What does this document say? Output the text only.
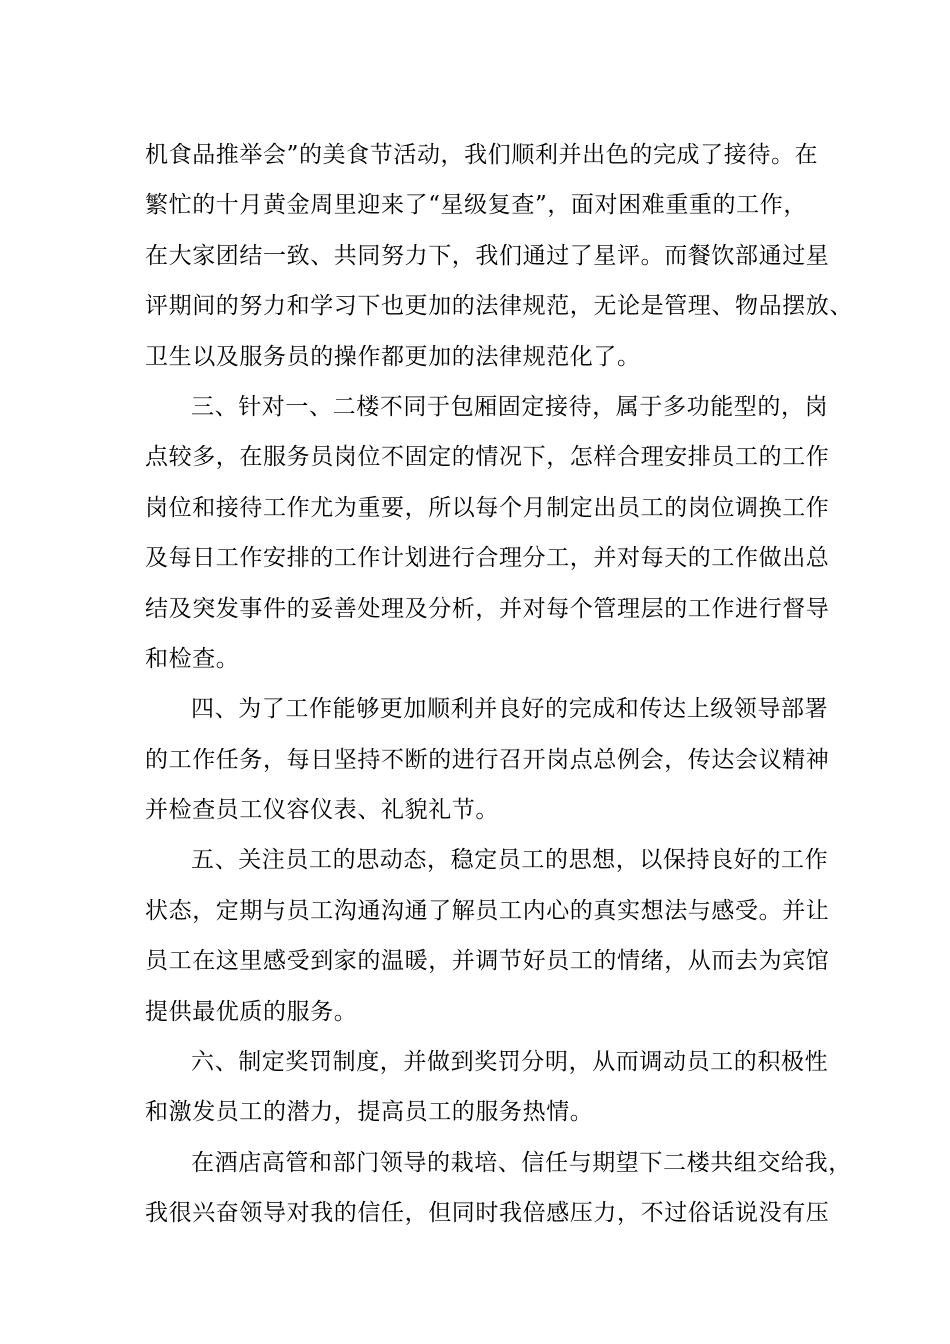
机食品推举会”的美食节活动，我们顺利并出色的完成了接待。在
繁忙的十月黄金周里迎来了“星级复查”，面对困难重重的工作，
在大家团结一致、共同努力下，我们通过了星评。而餐饮部通过星
评期间的努力和学习下也更加的法律规范，无论是管理、物品摆放、
卫生以及服务员的操作都更加的法律规范化了。
三、针对一、二楼不同于包厢固定接待，属于多功能型的，岗
点较多，在服务员岗位不固定的情况下，怎样合理安排员工的工作
岗位和接待工作尤为重要，所以每个月制定出员工的岗位调换工作
及每日工作安排的工作计划进行合理分工，并对每天的工作做出总
结及突发事件的妥善处理及分析，并对每个管理层的工作进行督导
和检查。
四、为了工作能够更加顺利并良好的完成和传达上级领导部署
的工作任务，每日坚持不断的进行召开岗点总例会，传达会议精神
并检查员工仪容仪表、礼貌礼节。
五、关注员工的思动态，稳定员工的思想，以保持良好的工作
状态，定期与员工沟通沟通了解员工内心的真实想法与感受。并让
员工在这里感受到家的温暖，并调节好员工的情绪，从而去为宾馆
提供最优质的服务。
六、制定奖罚制度，并做到奖罚分明，从而调动员工的积极性
和激发员工的潜力，提高员工的服务热情。
在酒店高管和部门领导的栽培、信任与期望下二楼共组交给我，
我很兴奋领导对我的信任，但同时我倍感压力，不过俗话说没有压
